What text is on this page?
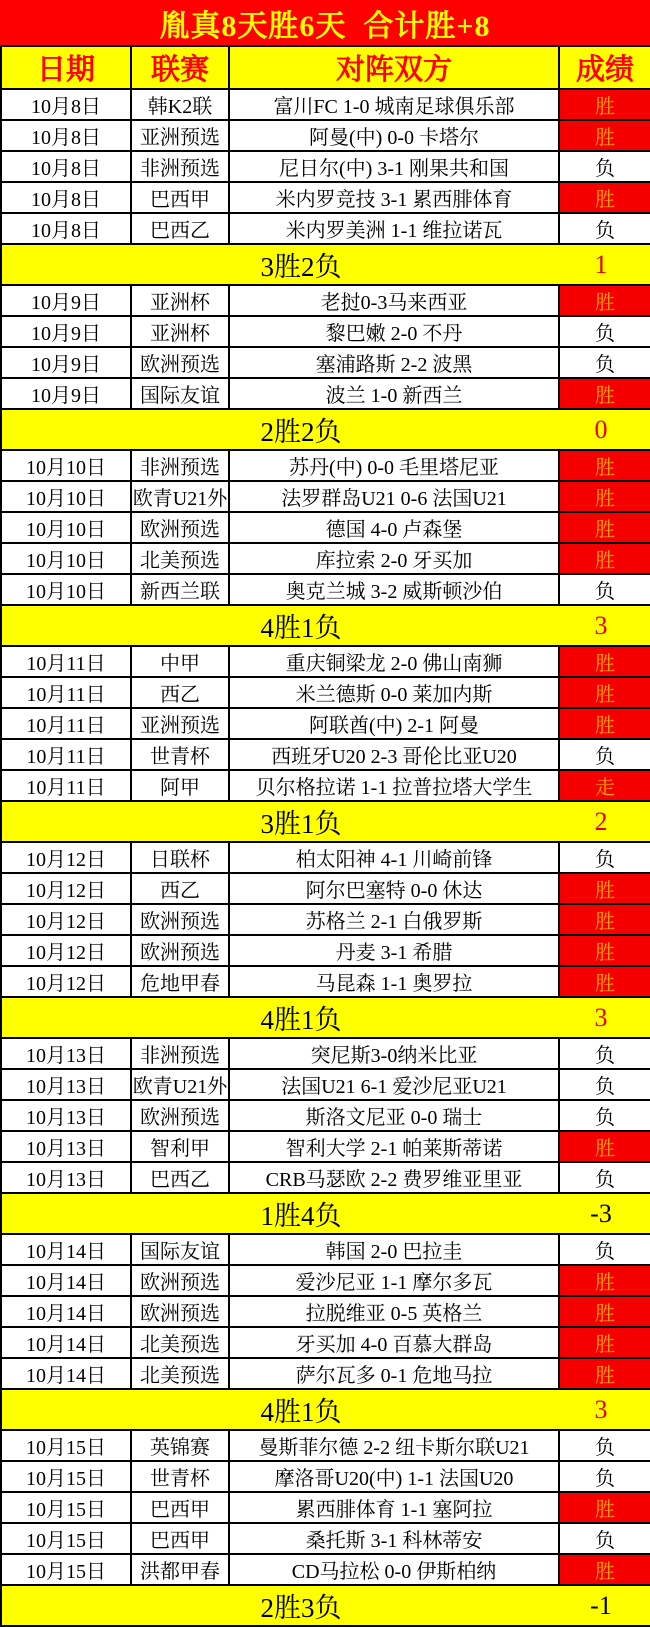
胤真8天胜6天  合计胜+8
日期	联赛	对阵双方	成绩
10月8日	韩K2联	富川FC 1-0 城南足球俱乐部	胜
10月8日	亚洲预选	阿曼(中) 0-0 卡塔尔	胜
10月8日	非洲预选	尼日尔(中) 3-1 刚果共和国	负
10月8日	巴西甲	米内罗竞技 3-1 累西腓体育	胜
10月8日	巴西乙	米内罗美洲 1-1 维拉诺瓦	负

3胜2负 1			

10月9日	亚洲杯	老挝0-3马来西亚	胜
10月9日	亚洲杯	黎巴嫩 2-0 不丹	负
10月9日	欧洲预选	塞浦路斯 2-2 波黑	负
10月9日	国际友谊	波兰 1-0 新西兰	胜

2胜2负 0			

10月10日	非洲预选	苏丹(中) 0-0 毛里塔尼亚	胜
10月10日	欧青U21外	法罗群岛U21 0-6 法国U21	胜
10月10日	欧洲预选	德国 4-0 卢森堡	胜
10月10日	北美预选	库拉索 2-0 牙买加	胜
10月10日	新西兰联	奥克兰城 3-2 威斯顿沙伯	负

4胜1负 3			

10月11日	中甲	重庆铜梁龙 2-0 佛山南狮	胜
10月11日	西乙	米兰德斯 0-0 莱加内斯	胜
10月11日	亚洲预选	阿联酋(中) 2-1 阿曼	胜
10月11日	世青杯	西班牙U20 2-3 哥伦比亚U20	负
10月11日	阿甲	贝尔格拉诺 1-1 拉普拉塔大学生	走

3胜1负 2			

10月12日	日联杯	柏太阳神 4-1 川崎前锋	负
10月12日	西乙	阿尔巴塞特 0-0 休达	胜
10月12日	欧洲预选	苏格兰 2-1 白俄罗斯	胜
10月12日	欧洲预选	丹麦 3-1 希腊	胜
10月12日	危地甲春	马昆森 1-1 奥罗拉	胜

4胜1负 3			

10月13日	非洲预选	突尼斯3-0纳米比亚	负
10月13日	欧青U21外	法国U21 6-1 爱沙尼亚U21	负
10月13日	欧洲预选	斯洛文尼亚 0-0 瑞士	负
10月13日	智利甲	智利大学 2-1 帕莱斯蒂诺	胜
10月13日	巴西乙	CRB马瑟欧 2-2 费罗维亚里亚	负

1胜4负 -3			

10月14日	国际友谊	韩国 2-0 巴拉圭	负
10月14日	欧洲预选	爱沙尼亚 1-1 摩尔多瓦	胜
10月14日	欧洲预选	拉脱维亚 0-5 英格兰	胜
10月14日	北美预选	牙买加 4-0 百慕大群岛	胜
10月14日	北美预选	萨尔瓦多 0-1 危地马拉	胜

4胜1负 3			

10月15日	英锦赛	曼斯菲尔德 2-2 纽卡斯尔联U21	负
10月15日	世青杯	摩洛哥U20(中) 1-1 法国U20	负
10月15日	巴西甲	累西腓体育 1-1 塞阿拉	胜
10月15日	巴西甲	桑托斯 3-1 科林蒂安	负
10月15日	洪都甲春	CD马拉松 0-0 伊斯柏纳	胜

2胜3负 -1			
